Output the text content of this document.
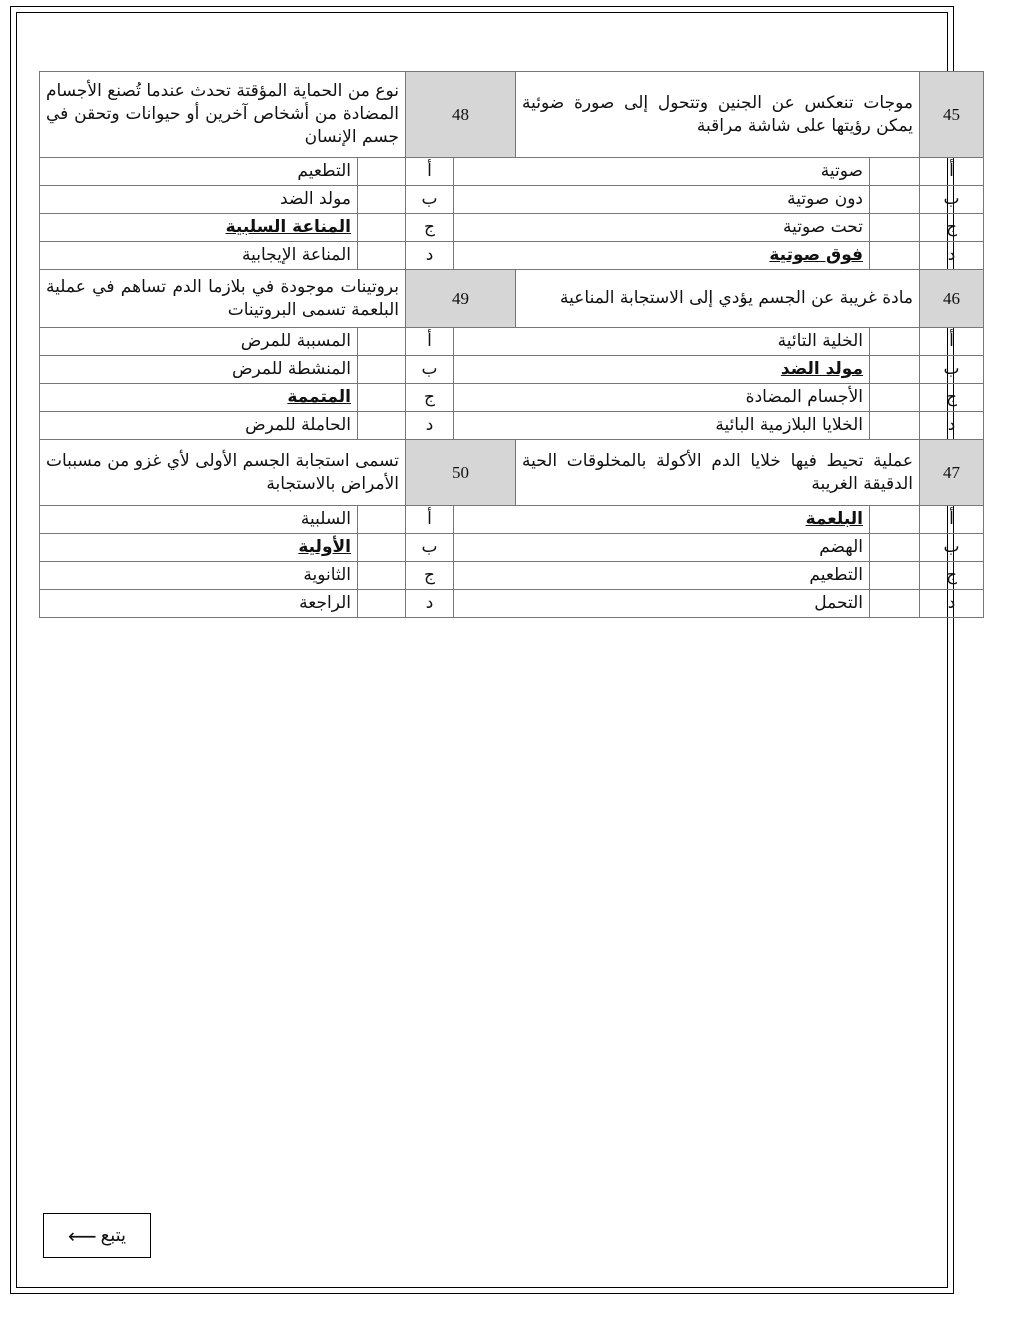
نوع من الحماية المؤقتة تحدث عندما تُصنع الأجسام المضادة من أشخاص آخرين أو حيوانات وتحقن في جسم الإنسان		48		موجات تنعكس عن الجنين وتتحول إلى صورة ضوئية يمكن رؤيتها على شاشة مراقبة		45
التطعيم		أ	صوتية			أ
مولد الضد		ب	دون صوتية			ب
المناعة السلبية		ج	تحت صوتية			ج
المناعة الإيجابية		د	فوق صوتية			د
بروتينات موجودة في بلازما الدم تساهم في عملية البلعمة تسمى البروتينات		49		مادة غريبة عن الجسم يؤدي إلى الاستجابة المناعية		46
المسببة للمرض		أ	الخلية التائية			أ
المنشطة للمرض		ب	مولد الضد			ب
المتممة		ج	الأجسام المضادة			ج
الحاملة للمرض		د	الخلايا البلازمية البائية			د
تسمى استجابة الجسم الأولى لأي غزو من مسببات الأمراض بالاستجابة		50		عملية تحيط فيها خلايا الدم الأكولة بالمخلوقات الحية الدقيقة الغريبة		47
السلبية		أ	البلعمة			أ
الأولية		ب	الهضم			ب
الثانوية		ج	التطعيم			ج
الراجعة		د	التحمل			د
يتبع
⟵
